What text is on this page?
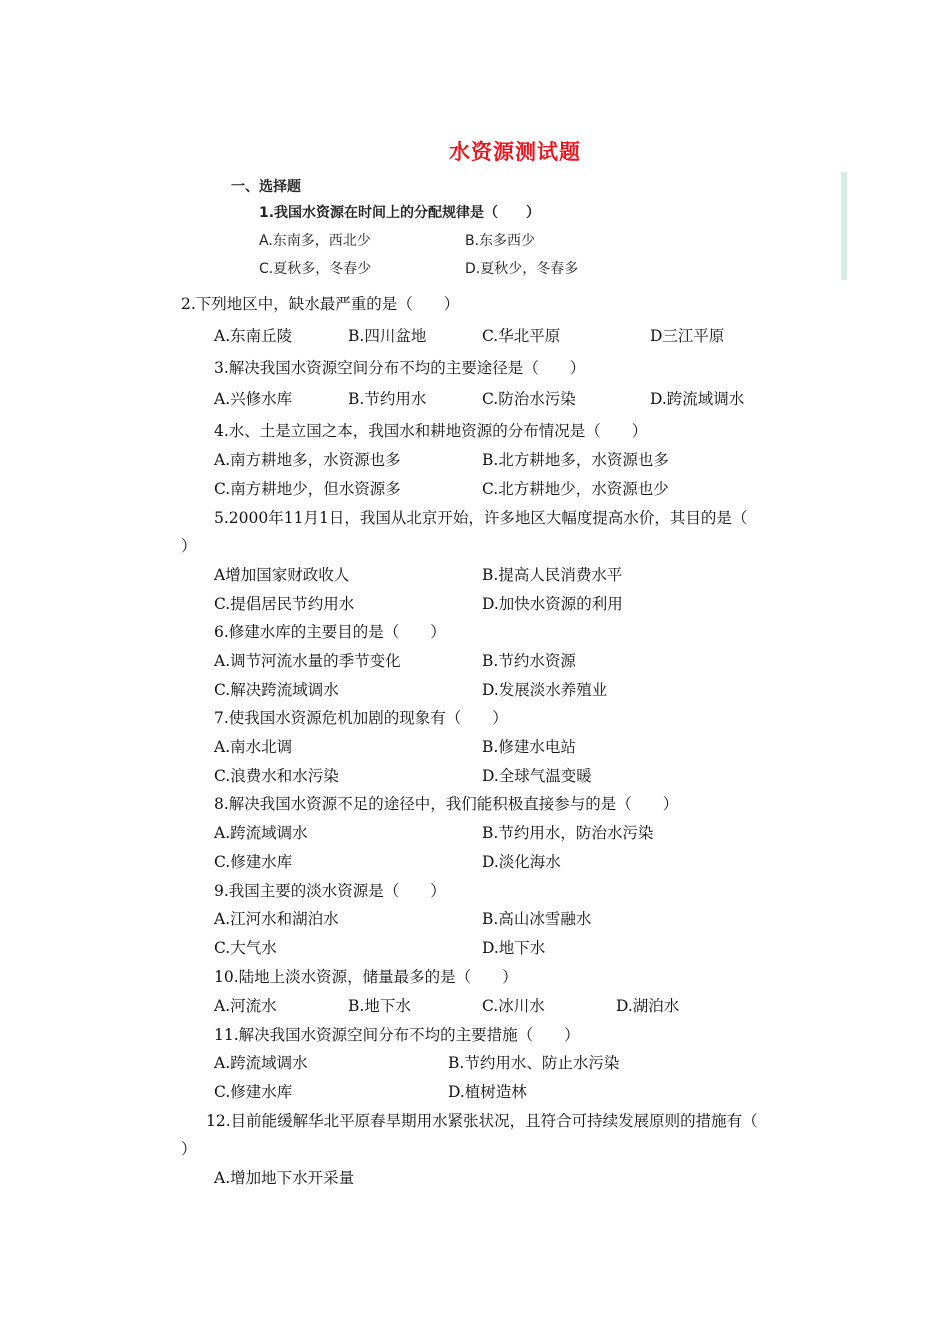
水资源测试题
一、选择题
1.我国水资源在时间上的分配规律是（　　）
A.东南多，西北少	B.东多西少
C.夏秋多，冬春少	D.夏秋少，冬春多
2.下列地区中，缺水最严重的是（　　）
A.东南丘陵	B.四川盆地	C.华北平原	D三江平原
3.解决我国水资源空间分布不均的主要途径是（　　）
A.兴修水库	B.节约用水	C.防治水污染	D.跨流域调水
4.水、土是立国之本，我国水和耕地资源的分布情况是（　　）
A.南方耕地多，水资源也多	B.北方耕地多，水资源也多
C.南方耕地少，但水资源多	C.北方耕地少，水资源也少
5.2000年11月1日，我国从北京开始，许多地区大幅度提高水价，其目的是（
）
A增加国家财政收人	B.提高人民消费水平
C.提倡居民节约用水	D.加快水资源的利用
6.修建水库的主要目的是（　　）
A.调节河流水量的季节变化	B.节约水资源
C.解决跨流域调水	D.发展淡水养殖业
7.使我国水资源危机加剧的现象有（　　）
A.南水北调	B.修建水电站
C.浪费水和水污染	D.全球气温变暖
8.解决我国水资源不足的途径中，我们能积极直接参与的是（　　）
A.跨流域调水	B.节约用水，防治水污染
C.修建水库	D.淡化海水
9.我国主要的淡水资源是（　　）
A.江河水和湖泊水	B.高山冰雪融水
C.大气水	D.地下水
10.陆地上淡水资源，储量最多的是（　　）
A.河流水	B.地下水	C.冰川水	D.湖泊水
11.解决我国水资源空间分布不均的主要措施（　　）
A.跨流域调水	B.节约用水、防止水污染
C.修建水库	D.植树造林
12.目前能缓解华北平原春旱期用水紧张状况，且符合可持续发展原则的措施有（
）
A.增加地下水开采量
